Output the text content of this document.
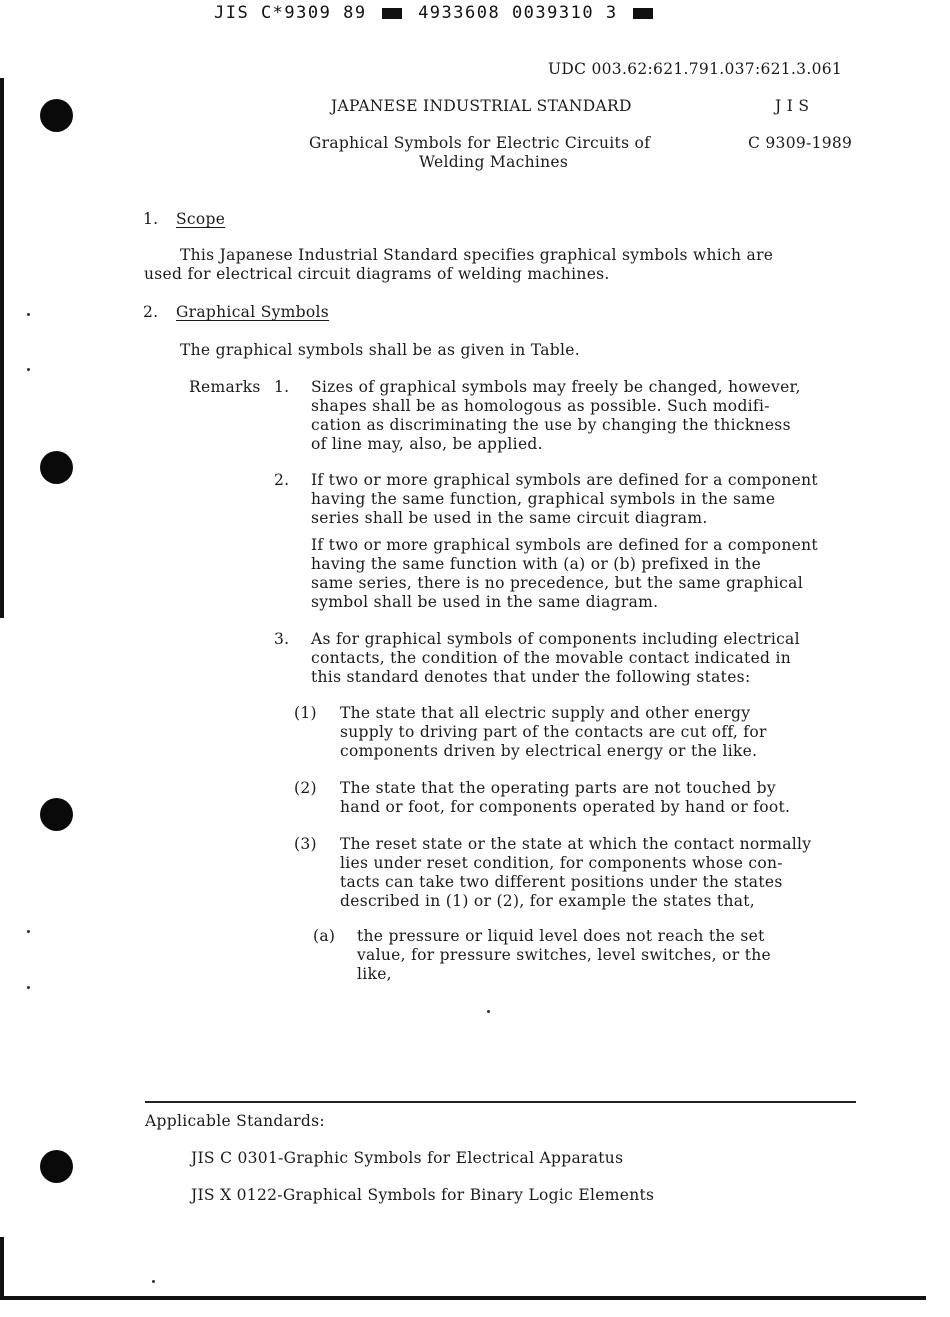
JIS C*9309 89	4933608 0039310 3
UDC 003.62:621.791.037:621.3.061
JAPANESE INDUSTRIAL STANDARD	J I S
Graphical Symbols for Electric Circuits of	C 9309-1989
Welding Machines
1. Scope
This Japanese Industrial Standard specifies graphical symbols which are
used for electrical circuit diagrams of welding machines.
2. Graphical Symbols
The graphical symbols shall be as given in Table.
Remarks 1. Sizes of graphical symbols may freely be changed, however,
shapes shall be as homologous as possible. Such modifi-
cation as discriminating the use by changing the thickness
of line may, also, be applied.
2. If two or more graphical symbols are defined for a component
having the same function, graphical symbols in the same
series shall be used in the same circuit diagram.
If two or more graphical symbols are defined for a component
having the same function with (a) or (b) prefixed in the
same series, there is no precedence, but the same graphical
symbol shall be used in the same diagram.
3. As for graphical symbols of components including electrical
contacts, the condition of the movable contact indicated in
this standard denotes that under the following states:
(1) The state that all electric supply and other energy
supply to driving part of the contacts are cut off, for
components driven by electrical energy or the like.
(2) The state that the operating parts are not touched by
hand or foot, for components operated by hand or foot.
(3) The reset state or the state at which the contact normally
lies under reset condition, for components whose con-
tacts can take two different positions under the states
described in (1) or (2), for example the states that,
(a) the pressure or liquid level does not reach the set
value, for pressure switches, level switches, or the
like,
Applicable Standards:
JIS C 0301-Graphic Symbols for Electrical Apparatus
JIS X 0122-Graphical Symbols for Binary Logic Elements
